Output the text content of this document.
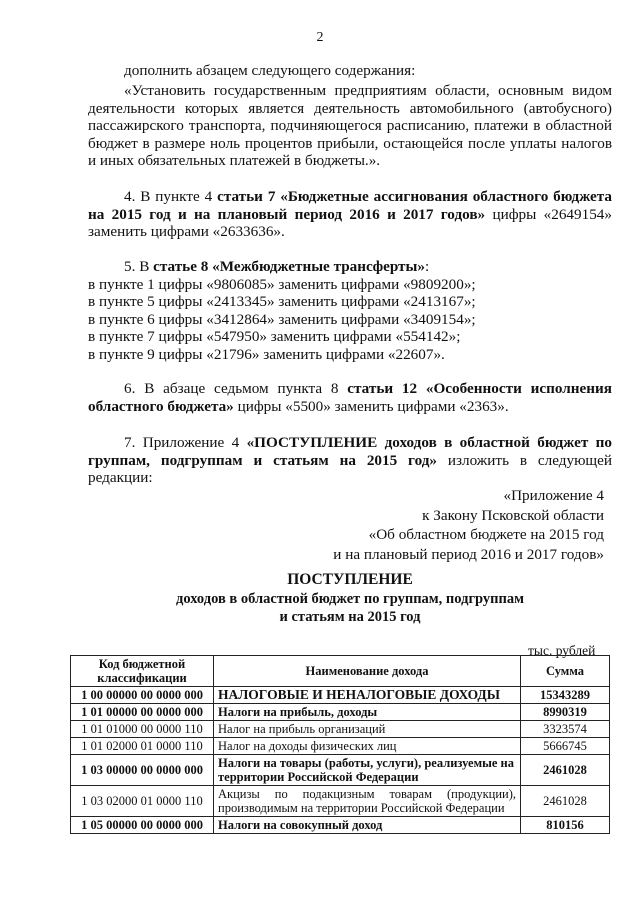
2
дополнить абзацем следующего содержания:
«Установить государственным предприятиям области, основным видом деятельности которых является деятельность автомобильного (автобусного) пассажирского транспорта, подчиняющегося расписанию, платежи в областной бюджет в размере ноль процентов прибыли, остающейся после уплаты налогов и иных обязательных платежей в бюджеты.».
4. В пункте 4 статьи 7 «Бюджетные ассигнования областного бюджета на 2015 год и на плановый период 2016 и 2017 годов» цифры «2649154» заменить цифрами «2633636».
5. В статье 8 «Межбюджетные трансферты»:
в пункте 1 цифры «9806085» заменить цифрами «9809200»;
в пункте 5 цифры «2413345» заменить цифрами «2413167»;
в пункте 6 цифры «3412864» заменить цифрами «3409154»;
в пункте 7 цифры «547950» заменить цифрами «554142»;
в пункте 9 цифры «21796» заменить цифрами «22607».
6. В абзаце седьмом пункта 8 статьи 12 «Особенности исполнения областного бюджета» цифры «5500» заменить цифрами «2363».
7. Приложение 4 «ПОСТУПЛЕНИЕ доходов в областной бюджет по группам, подгруппам и статьям на 2015 год» изложить в следующей редакции:
«Приложение 4
к Закону Псковской области
«Об областном бюджете на 2015 год
и на плановый период 2016 и 2017 годов»
ПОСТУПЛЕНИЕ
доходов в областной бюджет по группам, подгруппам
и статьям на 2015 год
тыс. рублей
Код бюджетной классификации	Наименование дохода	Сумма
1 00 00000 00 0000 000	НАЛОГОВЫЕ И НЕНАЛОГОВЫЕ ДОХОДЫ	15343289
1 01 00000 00 0000 000	Налоги на прибыль, доходы	8990319
1 01 01000 00 0000 110	Налог на прибыль организаций	3323574
1 01 02000 01 0000 110	Налог на доходы физических лиц	5666745
1 03 00000 00 0000 000	Налоги на товары (работы, услуги), реализуемые на территории Российской Федерации	2461028
1 03 02000 01 0000 110	Акцизы по подакцизным товарам (продукции), производимым на территории Российской Федерации	2461028
1 05 00000 00 0000 000	Налоги на совокупный доход	810156
